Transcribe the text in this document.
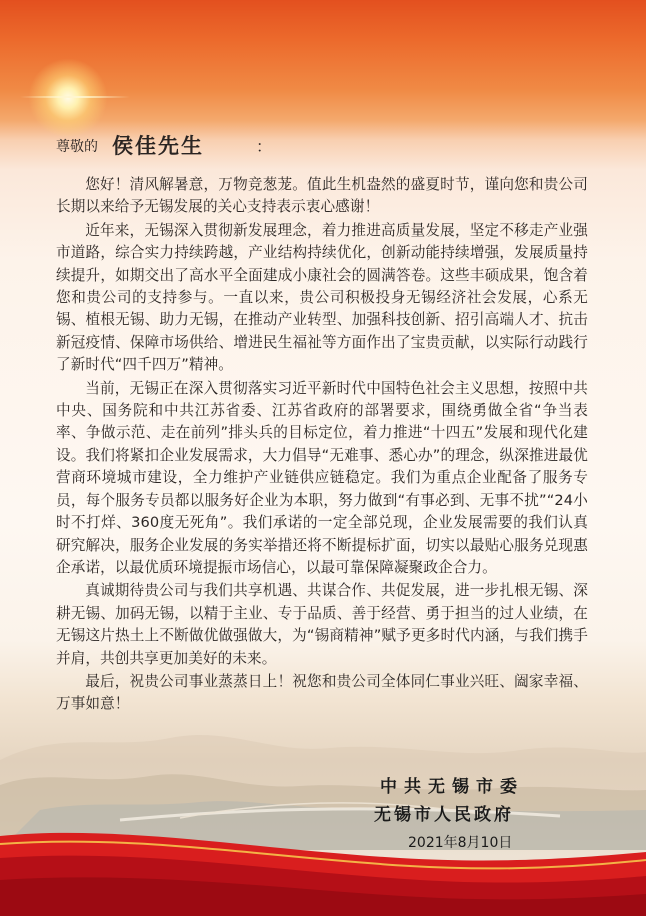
尊敬的 侯佳先生	：

您好！清风解暑意，万物竞葱茏。值此生机盎然的盛夏时节，谨向您和贵公司长期以来给予无锡发展的关心支持表示衷心感谢！

近年来，无锡深入贯彻新发展理念，着力推进高质量发展，坚定不移走产业强市道路，综合实力持续跨越，产业结构持续优化，创新动能持续增强，发展质量持续提升，如期交出了高水平全面建成小康社会的圆满答卷。这些丰硕成果，饱含着您和贵公司的支持参与。一直以来，贵公司积极投身无锡经济社会发展，心系无锡、植根无锡、助力无锡，在推动产业转型、加强科技创新、招引高端人才、抗击新冠疫情、保障市场供给、增进民生福祉等方面作出了宝贵贡献，以实际行动践行了新时代“四千四万”精神。

当前，无锡正在深入贯彻落实习近平新时代中国特色社会主义思想，按照中共中央、国务院和中共江苏省委、江苏省政府的部署要求，围绕勇做全省“争当表率、争做示范、走在前列”排头兵的目标定位，着力推进“十四五”发展和现代化建设。我们将紧扣企业发展需求，大力倡导“无难事、悉心办”的理念，纵深推进最优营商环境城市建设，全力维护产业链供应链稳定。我们为重点企业配备了服务专员，每个服务专员都以服务好企业为本职，努力做到“有事必到、无事不扰”“24小时不打烊、360度无死角”。我们承诺的一定全部兑现，企业发展需要的我们认真研究解决，服务企业发展的务实举措还将不断提标扩面，切实以最贴心服务兑现惠企承诺，以最优质环境提振市场信心，以最可靠保障凝聚政企合力。

真诚期待贵公司与我们共享机遇、共谋合作、共促发展，进一步扎根无锡、深耕无锡、加码无锡，以精于主业、专于品质、善于经营、勇于担当的过人业绩，在无锡这片热土上不断做优做强做大，为“锡商精神”赋予更多时代内涵，与我们携手并肩，共创共享更加美好的未来。

最后，祝贵公司事业蒸蒸日上！祝您和贵公司全体同仁事业兴旺、阖家幸福、万事如意！

中共无锡市委
无锡市人民政府
2021年8月10日
